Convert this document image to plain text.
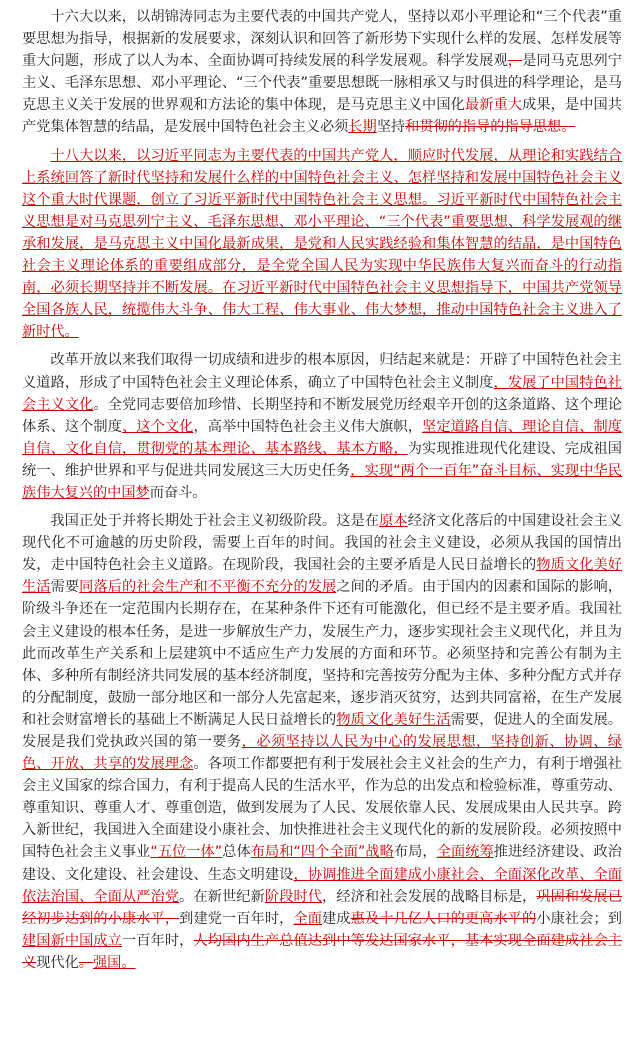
十六大以来，以胡锦涛同志为主要代表的中国共产党人，坚持以邓小平理论和“三个代表”重要思想为指导，根据新的发展要求，深刻认识和回答了新形势下实现什么样的发展、怎样发展等重大问题，形成了以人为本、全面协调可持续发展的科学发展观。科学发展观，是同马克思列宁主义、毛泽东思想、邓小平理论、“三个代表”重要思想既一脉相承又与时俱进的科学理论，是马克思主义关于发展的世界观和方法论的集中体现，是马克思主义中国化最新重大成果，是中国共产党集体智慧的结晶，是发展中国特色社会主义必须长期坚持和贯彻的指导的指导思想。

十八大以来，以习近平同志为主要代表的中国共产党人，顺应时代发展，从理论和实践结合上系统回答了新时代坚持和发展什么样的中国特色社会主义、怎样坚持和发展中国特色社会主义这个重大时代课题，创立了习近平新时代中国特色社会主义思想。习近平新时代中国特色社会主义思想是对马克思列宁主义、毛泽东思想、邓小平理论、“三个代表”重要思想、科学发展观的继承和发展，是马克思主义中国化最新成果，是党和人民实践经验和集体智慧的结晶，是中国特色社会主义理论体系的重要组成部分，是全党全国人民为实现中华民族伟大复兴而奋斗的行动指南，必须长期坚持并不断发展。在习近平新时代中国特色社会主义思想指导下，中国共产党领导全国各族人民，统揽伟大斗争、伟大工程、伟大事业、伟大梦想，推动中国特色社会主义进入了新时代。

改革开放以来我们取得一切成绩和进步的根本原因，归结起来就是：开辟了中国特色社会主义道路，形成了中国特色社会主义理论体系，确立了中国特色社会主义制度，发展了中国特色社会主义文化。全党同志要倍加珍惜、长期坚持和不断发展党历经艰辛开创的这条道路、这个理论体系、这个制度、这个文化，高举中国特色社会主义伟大旗帜，坚定道路自信、理论自信、制度自信、文化自信，贯彻党的基本理论、基本路线、基本方略，为实现推进现代化建设、完成祖国统一、维护世界和平与促进共同发展这三大历史任务，实现“两个一百年”奋斗目标、实现中华民族伟大复兴的中国梦而奋斗。

我国正处于并将长期处于社会主义初级阶段。这是在原本经济文化落后的中国建设社会主义现代化不可逾越的历史阶段，需要上百年的时间。我国的社会主义建设，必须从我国的国情出发，走中国特色社会主义道路。在现阶段，我国社会的主要矛盾是人民日益增长的物质文化美好生活需要同落后的社会生产和不平衡不充分的发展之间的矛盾。由于国内的因素和国际的影响，阶级斗争还在一定范围内长期存在，在某种条件下还有可能激化，但已经不是主要矛盾。我国社会主义建设的根本任务，是进一步解放生产力，发展生产力，逐步实现社会主义现代化，并且为此而改革生产关系和上层建筑中不适应生产力发展的方面和环节。必须坚持和完善公有制为主体、多种所有制经济共同发展的基本经济制度，坚持和完善按劳分配为主体、多种分配方式并存的分配制度，鼓励一部分地区和一部分人先富起来，逐步消灭贫穷，达到共同富裕，在生产发展和社会财富增长的基础上不断满足人民日益增长的物质文化美好生活需要，促进人的全面发展。发展是我们党执政兴国的第一要务，必须坚持以人民为中心的发展思想，坚持创新、协调、绿色、开放、共享的发展理念。各项工作都要把有利于发展社会主义社会的生产力，有利于增强社会主义国家的综合国力，有利于提高人民的生活水平，作为总的出发点和检验标准，尊重劳动、尊重知识、尊重人才、尊重创造，做到发展为了人民、发展依靠人民、发展成果由人民共享。跨入新世纪，我国进入全面建设小康社会、加快推进社会主义现代化的新的发展阶段。必须按照中国特色社会主义事业“五位一体”总体布局和“四个全面”战略布局，全面统筹推进经济建设、政治建设、文化建设、社会建设、生态文明建设，协调推进全面建成小康社会、全面深化改革、全面依法治国、全面从严治党。在新世纪新阶段时代，经济和社会发展的战略目标是，巩固和发展已经初步达到的小康水平，到建党一百年时，全面建成惠及十几亿人口的更高水平的小康社会；到建国新中国成立一百年时，人均国内生产总值达到中等发达国家水平，基本实现全面建成社会主义现代化。强国。
